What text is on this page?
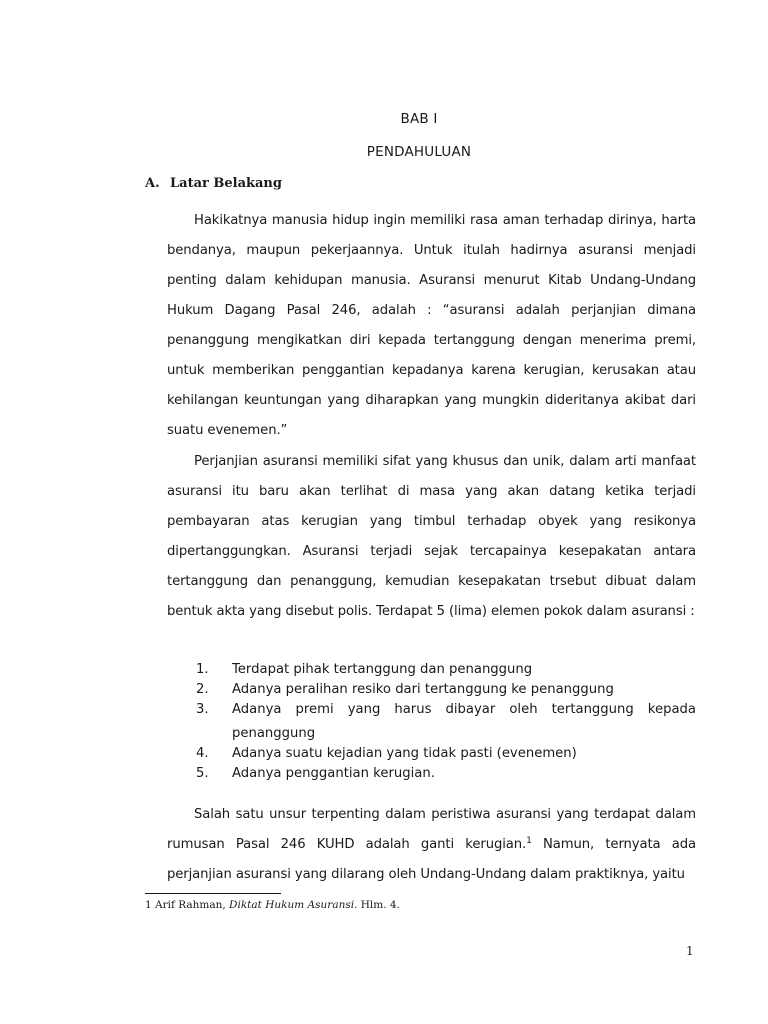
BAB I
PENDAHULUAN
A. Latar Belakang

Hakikatnya manusia hidup ingin memiliki rasa aman terhadap dirinya, harta bendanya, maupun pekerjaannya. Untuk itulah hadirnya asuransi menjadi penting dalam kehidupan manusia. Asuransi menurut Kitab Undang-Undang Hukum Dagang Pasal 246, adalah : “asuransi adalah perjanjian dimana penanggung mengikatkan diri kepada tertanggung dengan menerima premi, untuk memberikan penggantian kepadanya karena kerugian, kerusakan atau kehilangan keuntungan yang diharapkan yang mungkin dideritanya akibat dari suatu evenemen.”

Perjanjian asuransi memiliki sifat yang khusus dan unik, dalam arti manfaat asuransi itu baru akan terlihat di masa yang akan datang ketika terjadi pembayaran atas kerugian yang timbul terhadap obyek yang resikonya dipertanggungkan. Asuransi terjadi sejak tercapainya kesepakatan antara tertanggung dan penanggung, kemudian kesepakatan trsebut dibuat dalam bentuk akta yang disebut polis. Terdapat 5 (lima) elemen pokok dalam asuransi :

1. Terdapat pihak tertanggung dan penanggung
2. Adanya peralihan resiko dari tertanggung ke penanggung
3. Adanya premi yang harus dibayar oleh tertanggung kepada
penanggung
4. Adanya suatu kejadian yang tidak pasti (evenemen)
5. Adanya penggantian kerugian.

Salah satu unsur terpenting dalam peristiwa asuransi yang terdapat dalam rumusan Pasal 246 KUHD adalah ganti kerugian.$^1$ Namun, ternyata ada perjanjian asuransi yang dilarang oleh Undang-Undang dalam praktiknya, yaitu

1 Arif Rahman, Diktat Hukum Asuransi. Hlm. 4.
1
